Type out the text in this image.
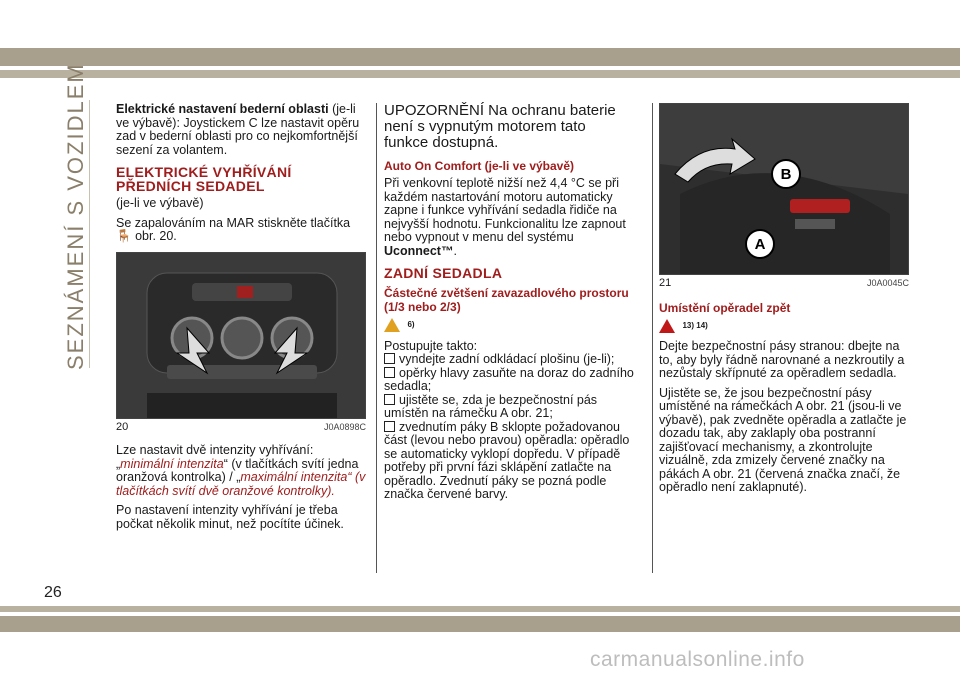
SEZNÁMENÍ S VOZIDLEM Elektrické nastavení bederní oblasti (je-li ve výbavě): Joystickem C lze nastavit opěru zad v bederní oblasti pro co nejkomfortnější sezení za volantem.

ELEKTRICKÉ VYHŘÍVÁNÍ PŘEDNÍCH SEDADEL

(je-li ve výbavě)

Se zapalováním na MAR stiskněte tlačítka 🪑 obr. 20.

20	J0A0898C

Lze nastavit dvě intenzity vyhřívání: „minimální intenzita“ (v tlačítkách svítí jedna oranžová kontrolka) / „maximální intenzita“ (v tlačítkách svítí dvě oranžové kontrolky).

Po nastavení intenzity vyhřívání je třeba počkat několik minut, než pocítíte účinek.

UPOZORNĚNÍ Na ochranu baterie není s vypnutým motorem tato funkce dostupná.

Auto On Comfort (je-li ve výbavě)

Při venkovní teplotě nižší než 4,4 °C se při každém nastartování motoru automaticky zapne i funkce vyhřívání sedadla řidiče na nejvyšší hodnotu. Funkcionalitu lze zapnout nebo vypnout v menu del systému Uconnect™.

ZADNÍ SEDADLA
Částečné zvětšení zavazadlového prostoru (1/3 nebo 2/3)

$^{6)}$

Postupujte takto:

vyndejte zadní odkládací plošinu (je-li);
opěrky hlavy zasuňte na doraz do zadního sedadla;
ujistěte se, zda je bezpečnostní pás umístěn na rámečku A obr. 21;
zvednutím páky B sklopte požadovanou část (levou nebo pravou) opěradla: opěradlo se automaticky vyklopí dopředu. V případě potřeby při první fázi sklápění zatlačte na opěradlo. Zvednutí páky se pozná podle značka červené barvy.
A
B
21	J0A0045C
Umístění opěradel zpět

$^{13) 14)}$

Dejte bezpečnostní pásy stranou: dbejte na to, aby byly řádně narovnané a nezkroutily a nezůstaly skřípnuté za opěradlem sedadla.

Ujistěte se, že jsou bezpečnostní pásy umístěné na rámečkách A obr. 21 (jsou-li ve výbavě), pak zvedněte opěradla a zatlačte je dozadu tak, aby zaklaply oba postranní zajišťovací mechanismy, a zkontrolujte vizuálně, zda zmizely červené značky na pákách A obr. 21 (červená značka značí, že opěradlo není zaklapnuté).

26
carmanualsonline.info
